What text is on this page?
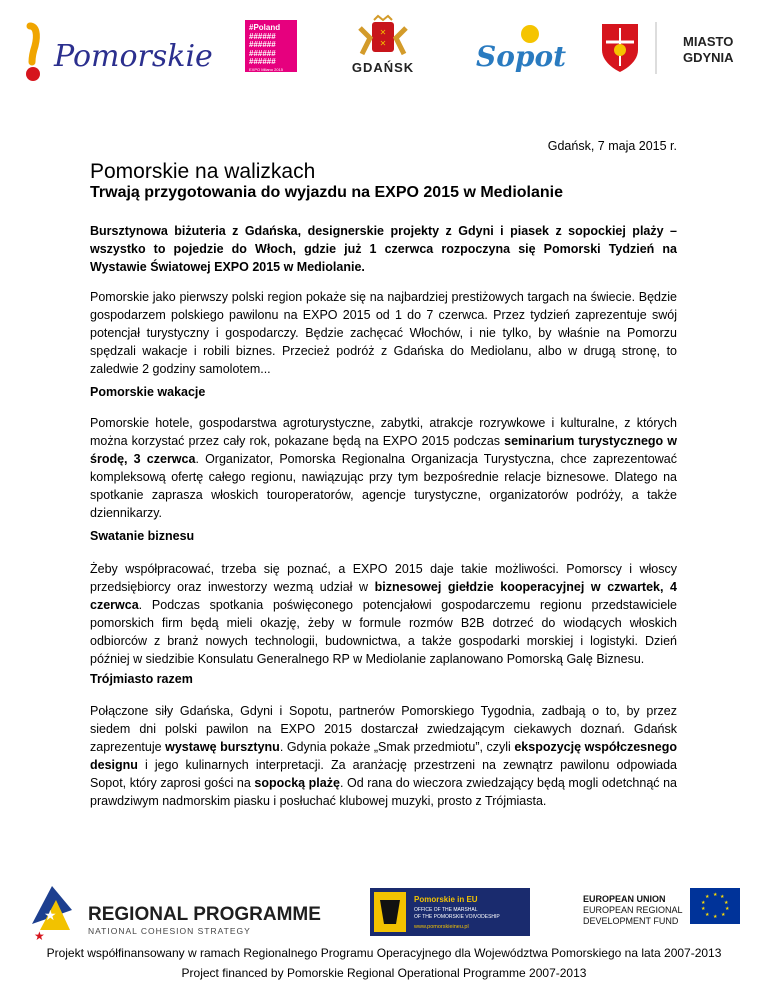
Pomorskie
#Poland
######
######
######
######
EXPO Milano 2015
✕
✕
GDAŃSK Sopot	MIASTO
GDYNIA
Gdańsk, 7 maja 2015 r.
Pomorskie na walizkach
Trwają przygotowania do wyjazdu na EXPO 2015 w Mediolanie
Bursztynowa biżuteria z Gdańska, designerskie projekty z Gdyni i piasek z sopockiej plaży – wszystko to pojedzie do Włoch, gdzie już 1 czerwca rozpoczyna się Pomorski Tydzień na Wystawie Światowej EXPO 2015 w Mediolanie.
Pomorskie jako pierwszy polski region pokaże się na najbardziej prestiżowych targach na świecie. Będzie gospodarzem polskiego pawilonu na EXPO 2015 od 1 do 7 czerwca. Przez tydzień zaprezentuje swój potencjał turystyczny i gospodarczy. Będzie zachęcać Włochów, i nie tylko, by właśnie na Pomorzu spędzali wakacje i robili biznes. Przecież podróż z Gdańska do Mediolanu, albo w drugą stronę, to zaledwie 2 godziny samolotem...
Pomorskie wakacje
Pomorskie hotele, gospodarstwa agroturystyczne, zabytki, atrakcje rozrywkowe i kulturalne, z których można korzystać przez cały rok, pokazane będą na EXPO 2015 podczas seminarium turystycznego w środę, 3 czerwca. Organizator, Pomorska Regionalna Organizacja Turystyczna, chce zaprezentować kompleksową ofertę całego regionu, nawiązując przy tym bezpośrednie relacje biznesowe. Dlatego na spotkanie zaprasza włoskich touroperatorów, agencje turystyczne, organizatorów podróży, a także dziennikarzy.
Swatanie biznesu
Żeby współpracować, trzeba się poznać, a EXPO 2015 daje takie możliwości. Pomorscy i włoscy przedsiębiorcy oraz inwestorzy wezmą udział w biznesowej giełdzie kooperacyjnej w czwartek, 4 czerwca. Podczas spotkania poświęconego potencjałowi gospodarczemu regionu przedstawiciele pomorskich firm będą mieli okazję, żeby w formule rozmów B2B dotrzeć do wiodących włoskich odbiorców z branż nowych technologii, budownictwa, a także gospodarki morskiej i logistyki. Dzień później w siedzibie Konsulatu Generalnego RP w Mediolanie zaplanowano Pomorską Galę Biznesu.
Trójmiasto razem
Połączone siły Gdańska, Gdyni i Sopotu, partnerów Pomorskiego Tygodnia, zadbają o to, by przez siedem dni polski pawilon na EXPO 2015 dostarczał zwiedzającym ciekawych doznań. Gdańsk zaprezentuje wystawę bursztynu. Gdynia pokaże „Smak przedmiotu”, czyli ekspozycję współczesnego designu i jego kulinarnych interpretacji. Za aranżację przestrzeni na zewnątrz pawilonu odpowiada Sopot, który zaprosi gości na sopocką plażę. Od rana do wieczora zwiedzający będą mogli odetchnąć na prawdziwym nadmorskim piasku i posłuchać klubowej muzyki, prosto z Trójmiasta.
★
★
REGIONAL PROGRAMME
NATIONAL COHESION STRATEGY
Pomorskie in EU
OFFICE OF THE MARSHAL
OF THE POMORSKIE VOIVODESHIP
www.pomorskieineu.pl
EUROPEAN UNION
EUROPEAN REGIONAL
DEVELOPMENT FUND
★ ★
★
★
★
★
★
★
★
★
Projekt współfinansowany w ramach Regionalnego Programu Operacyjnego dla Województwa Pomorskiego na lata 2007-2013
Project financed by Pomorskie Regional Operational Programme 2007-2013
